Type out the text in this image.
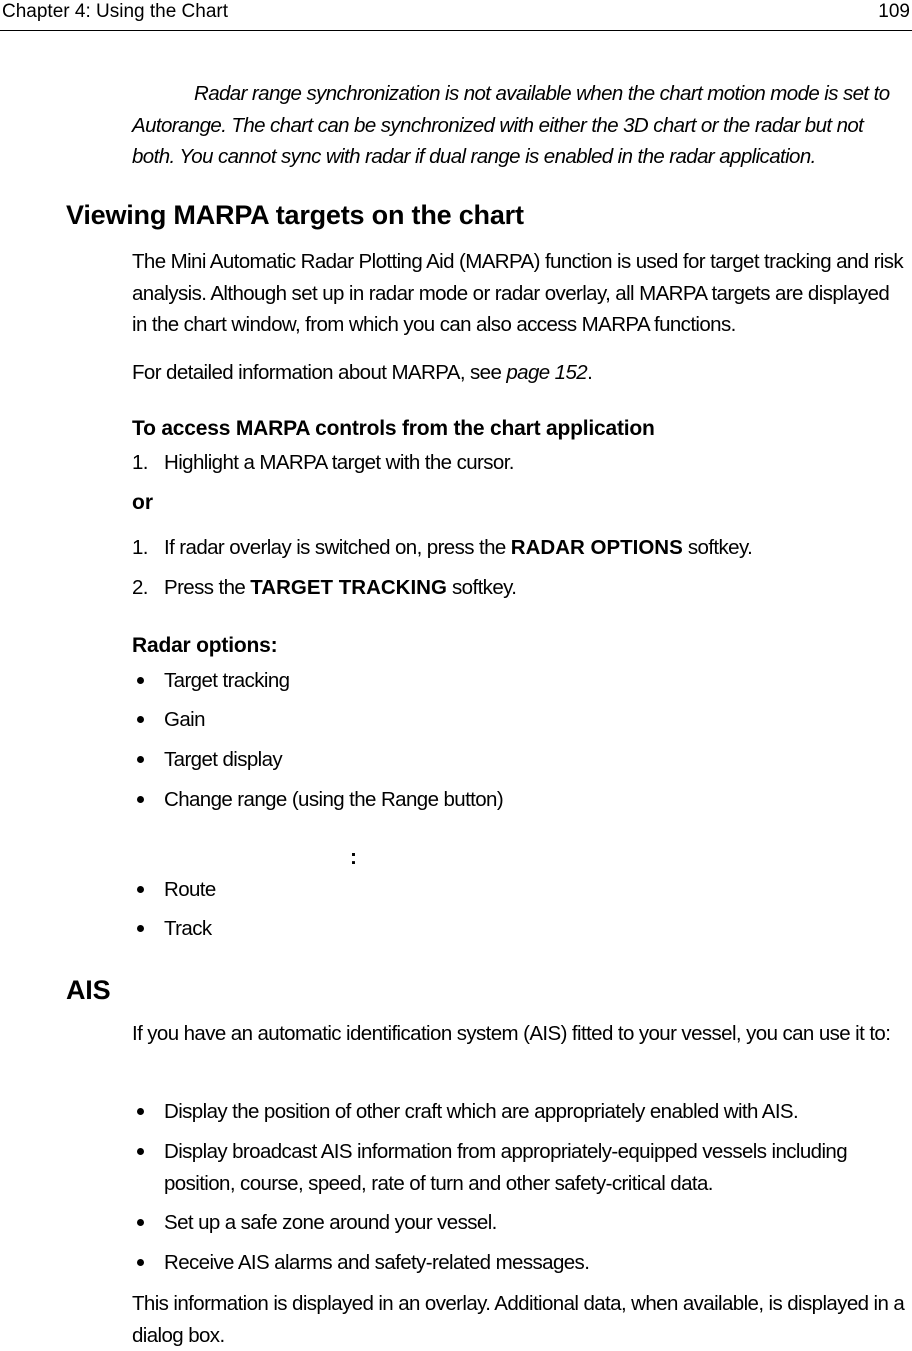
Chapter 4: Using the Chart	109

Radar range synchronization is not available when the chart motion mode is set to Autorange. The chart can be synchronized with either the 3D chart or the radar but not both. You cannot sync with radar if dual range is enabled in the radar application.

Viewing MARPA targets on the chart

The Mini Automatic Radar Plotting Aid (MARPA) function is used for target tracking and risk analysis. Although set up in radar mode or radar overlay, all MARPA targets are displayed in the chart window, from which you can also access MARPA functions.

For detailed information about MARPA, see page 152.

To access MARPA controls from the chart application
1. Highlight a MARPA target with the cursor.
or
1. If radar overlay is switched on, press the RADAR OPTIONS softkey.
2. Press the TARGET TRACKING softkey.
Radar options:
Target tracking
Gain
Target display
Change range (using the Range button)
:
Route
Track
AIS

If you have an automatic identification system (AIS) fitted to your vessel, you can use it to:

Display the position of other craft which are appropriately enabled with AIS.
Display broadcast AIS information from appropriately-equipped vessels including position, course, speed, rate of turn and other safety-critical data.
Set up a safe zone around your vessel.
Receive AIS alarms and safety-related messages.

This information is displayed in an overlay. Additional data, when available, is displayed in a dialog box.
